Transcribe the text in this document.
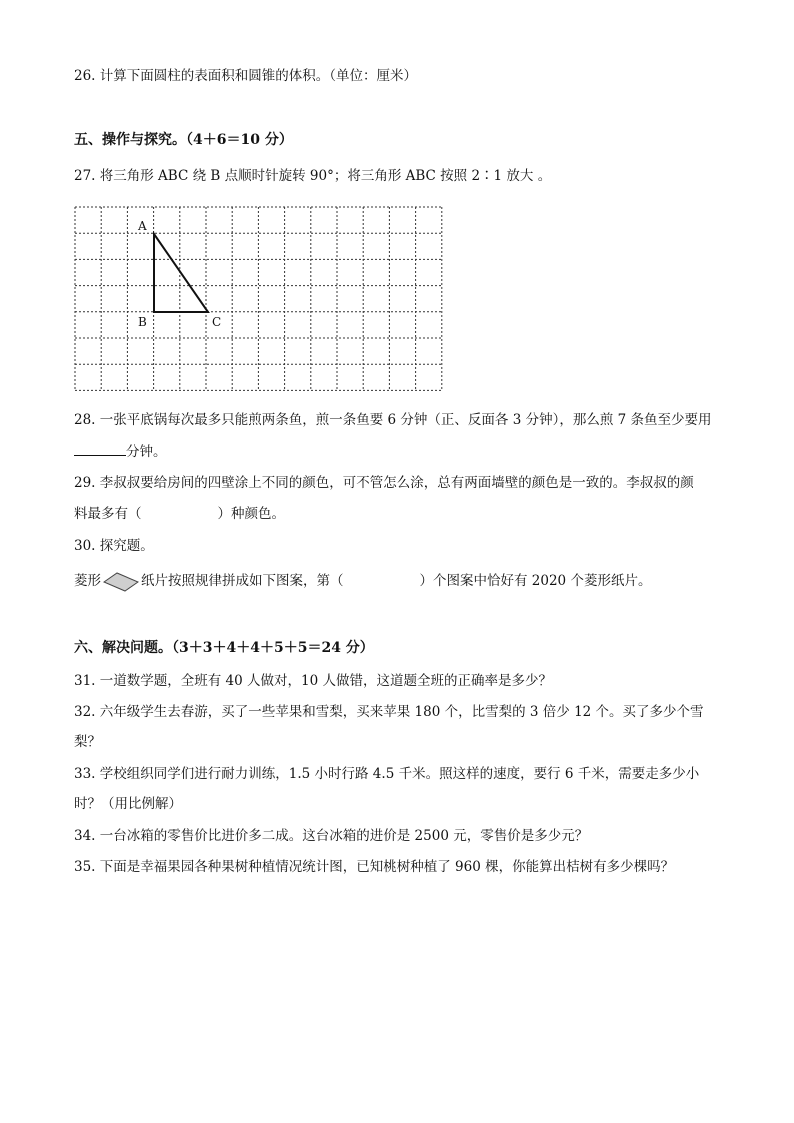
26. 计算下面圆柱的表面积和圆锥的体积。（单位：厘米）
五、操作与探究。（4＋6＝10 分）
27. 将三角形 ABC 绕 B 点顺时针旋转 90°；将三角形 ABC 按照 2∶1 放大 。
A
B	C
28. 一张平底锅每次最多只能煎两条鱼，煎一条鱼要 6 分钟（正、反面各 3 分钟），那么煎 7 条鱼至少要用
分钟。
29. 李叔叔要给房间的四壁涂上不同的颜色，可不管怎么涂，总有两面墙壁的颜色是一致的。李叔叔的颜
料最多有（	）种颜色。
30. 探究题。
菱形	纸片按照规律拼成如下图案，第（	）个图案中恰好有 2020 个菱形纸片。
六、解决问题。（3＋3＋4＋4＋5＋5＝24 分）
31. 一道数学题，全班有 40 人做对，10 人做错，这道题全班的正确率是多少？
32. 六年级学生去春游，买了一些苹果和雪梨，买来苹果 180 个，比雪梨的 3 倍少 12 个。买了多少个雪
梨？
33. 学校组织同学们进行耐力训练，1.5 小时行路 4.5 千米。照这样的速度，要行 6 千米，需要走多少小
时？（用比例解）
34. 一台冰箱的零售价比进价多二成。这台冰箱的进价是 2500 元，零售价是多少元？
35. 下面是幸福果园各种果树种植情况统计图，已知桃树种植了 960 棵，你能算出桔树有多少棵吗？
